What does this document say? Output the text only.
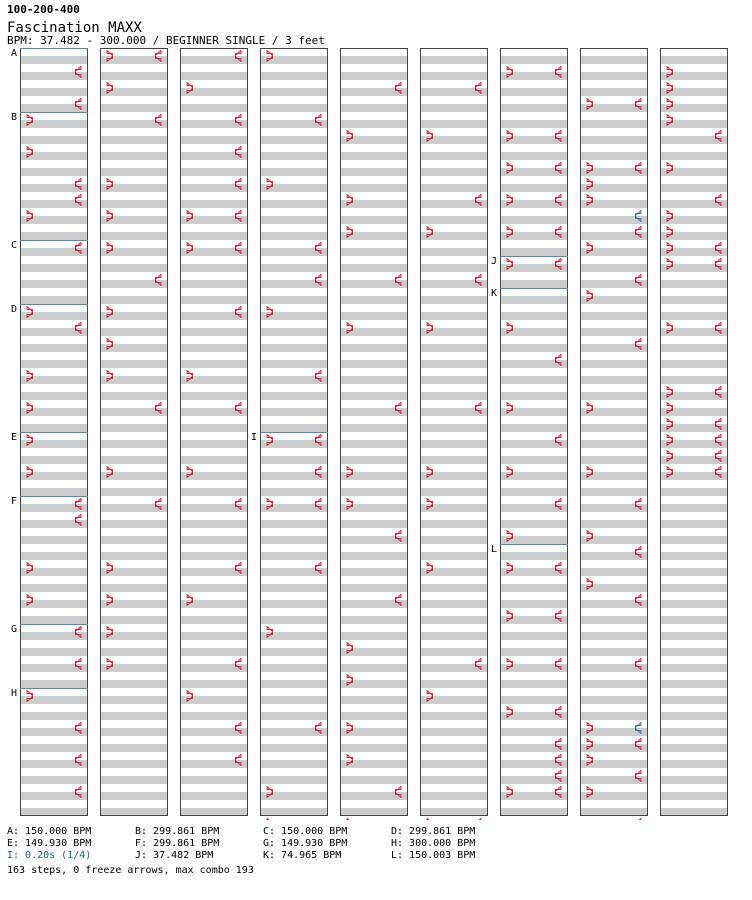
100-200-400
Fascination MAXX
BPM: 37.482 - 300.000 / BEGINNER SINGLE / 3 feet
A
B
C
D
E
F
G
H
I
J
K
L
A: 150.000 BPM	B: 299.861 BPM	C: 150.000 BPM	D: 299.861 BPM
E: 149.930 BPM	F: 299.861 BPM	G: 149.930 BPM	H: 300.000 BPM
I: 0.20s (1/4)	J: 37.482 BPM	K: 74.965 BPM	L: 150.003 BPM
163 steps, 0 freeze arrows, max combo 193
